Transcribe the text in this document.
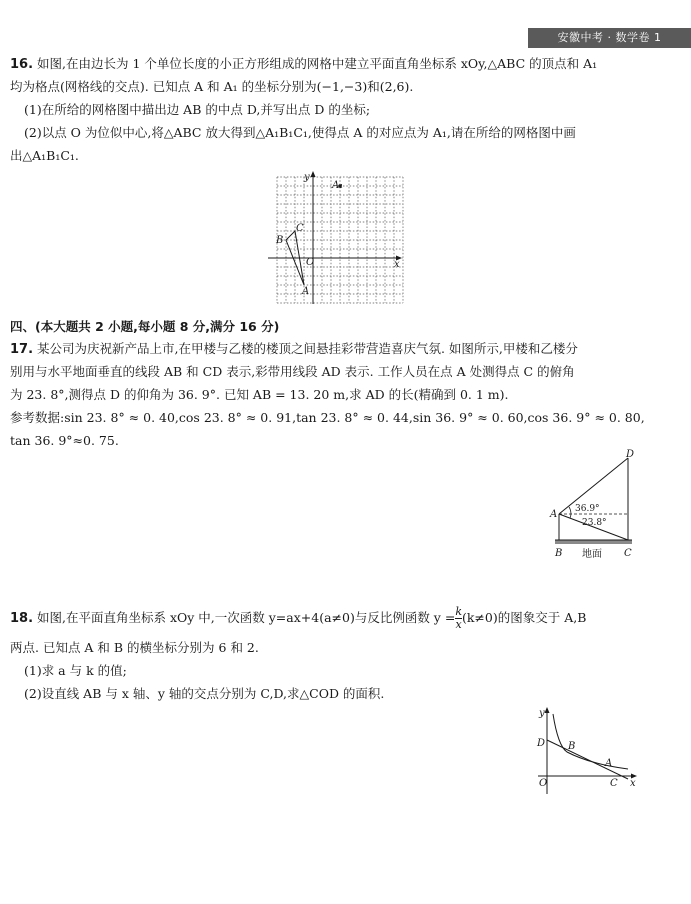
安徽中考 · 数学卷 1
16. 如图,在由边长为 1 个单位长度的小正方形组成的网格中建立平面直角坐标系 xOy,△ABC 的顶点和 A₁
均为格点(网格线的交点). 已知点 A 和 A₁ 的坐标分别为(−1,−3)和(2,6).
(1)在所给的网格图中描出边 AB 的中点 D,并写出点 D 的坐标;
(2)以点 O 为位似中心,将△ABC 放大得到△A₁B₁C₁,使得点 A 的对应点为 A₁,请在所给的网格图中画
出△A₁B₁C₁.
y
x
O
A₁
B
C
A
四、(本大题共 2 小题,每小题 8 分,满分 16 分)
17. 某公司为庆祝新产品上市,在甲楼与乙楼的楼顶之间悬挂彩带营造喜庆气氛. 如图所示,甲楼和乙楼分
别用与水平地面垂直的线段 AB 和 CD 表示,彩带用线段 AD 表示. 工作人员在点 A 处测得点 C 的俯角
为 23. 8°,测得点 D 的仰角为 36. 9°. 已知 AB = 13. 20 m,求 AD 的长(精确到 0. 1 m).
参考数据:sin 23. 8° ≈ 0. 40,cos 23. 8° ≈ 0. 91,tan 23. 8° ≈ 0. 44,sin 36. 9° ≈ 0. 60,cos 36. 9° ≈ 0. 80,
tan 36. 9°≈0. 75.
D
A 36.9°
23.8°
B 地面 C
18. 如图,在平面直角坐标系 xOy 中,一次函数 y=ax+4(a≠0)与反比例函数 $y = \frac{k}{x} (k\ne 0)$的图象交于 A,B
两点. 已知点 A 和 B 的横坐标分别为 6 和 2.
(1)求 a 与 k 的值;
(2)设直线 AB 与 x 轴、y 轴的交点分别为 C,D,求△COD 的面积.
y
x
O
D B
A
C
